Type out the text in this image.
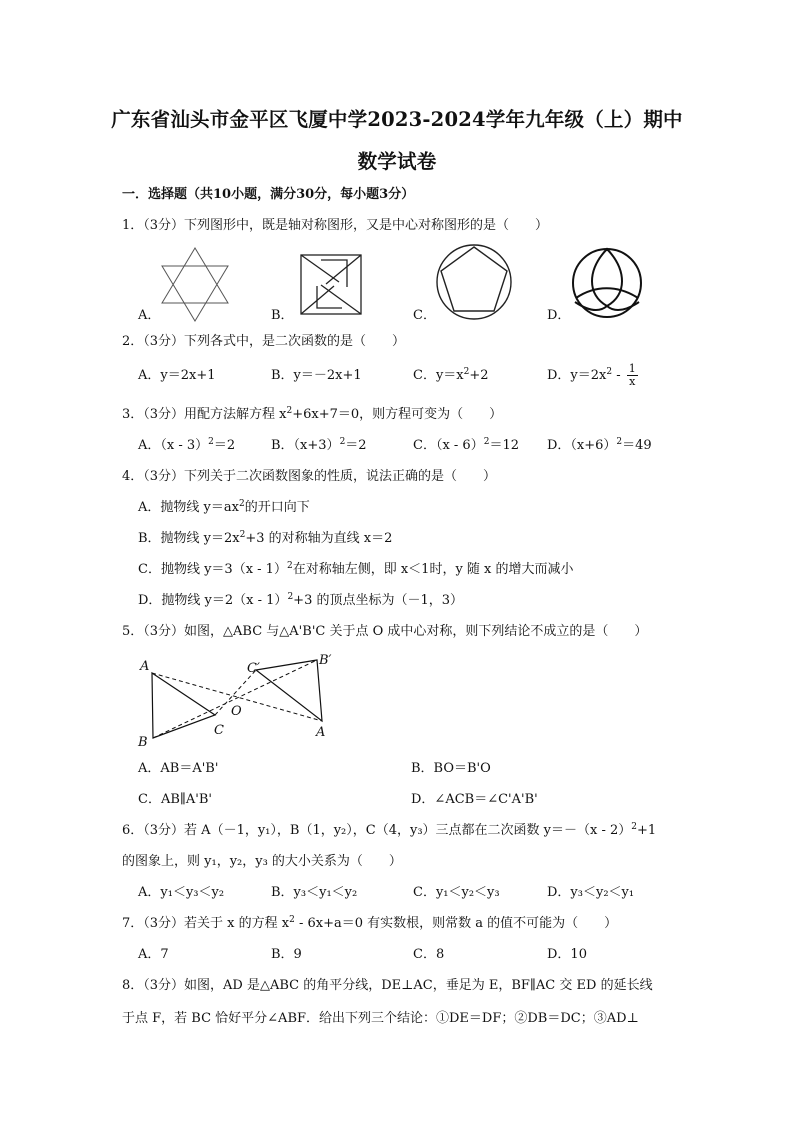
广东省汕头市金平区飞厦中学2023-2024学年九年级（上）期中
数学试卷
一．选择题（共10小题，满分30分，每小题3分）
1．（3分）下列图形中，既是轴对称图形，又是中心对称图形的是（　　）
A．	B．	C．	D．
2．（3分）下列各式中，是二次函数的是（　　）
A．y＝2x+1	B．y＝－2x+1	C．$y=x^2+2$	D．$y=2x^2 - \frac{1}{x}$
3．（3分）用配方法解方程 $x^2+6x+7=0$，则方程可变为（　　）
A．（x - 3）$^2$＝2	B．$(x+3)^2=2$	C．（x - 6）$^2$＝12 D．$(x+6)^2=49$
4．（3分）下列关于二次函数图象的性质，说法正确的是（　　）
A．抛物线 $y=ax^2$的开口向下
B．抛物线 $y=2x^2+3$ 的对称轴为直线 x＝2
C．抛物线 y＝3（x - 1）$^2$在对称轴左侧，即 x＜1时，y 随 x 的增大而减小
D．抛物线 y＝2（x - 1）$^2$+3 的顶点坐标为（－1，3）
5．（3分）如图，△ABC 与△A'B'C 关于点 O 成中心对称，则下列结论不成立的是（　　）
A
B
C
O
C′
B′
A
A．AB＝A'B'	B．BO＝B'O
C．AB∥A'B'	D．∠ACB＝∠C'A'B'
6．（3分）若 A（－1，y₁），B（1，y₂），C（4，y₃）三点都在二次函数 y＝－（x - 2）$^2$+1
的图象上，则 y₁，y₂，y₃ 的大小关系为（　　）
A．y₁＜y₃＜y₂	B．y₃＜y₁＜y₂	C．y₁＜y₂＜y₃	D．y₃＜y₂＜y₁
7．（3分）若关于 x 的方程 $x^2 - 6x+a=0$ 有实数根，则常数 a 的值不可能为（　　）
A．7	B．9	C．8	D．10
8．（3分）如图，AD 是△ABC 的角平分线，DE⊥AC，垂足为 E，BF∥AC 交 ED 的延长线
于点 F，若 BC 恰好平分∠ABF．给出下列三个结论：①DE＝DF；②DB＝DC；③AD⊥
